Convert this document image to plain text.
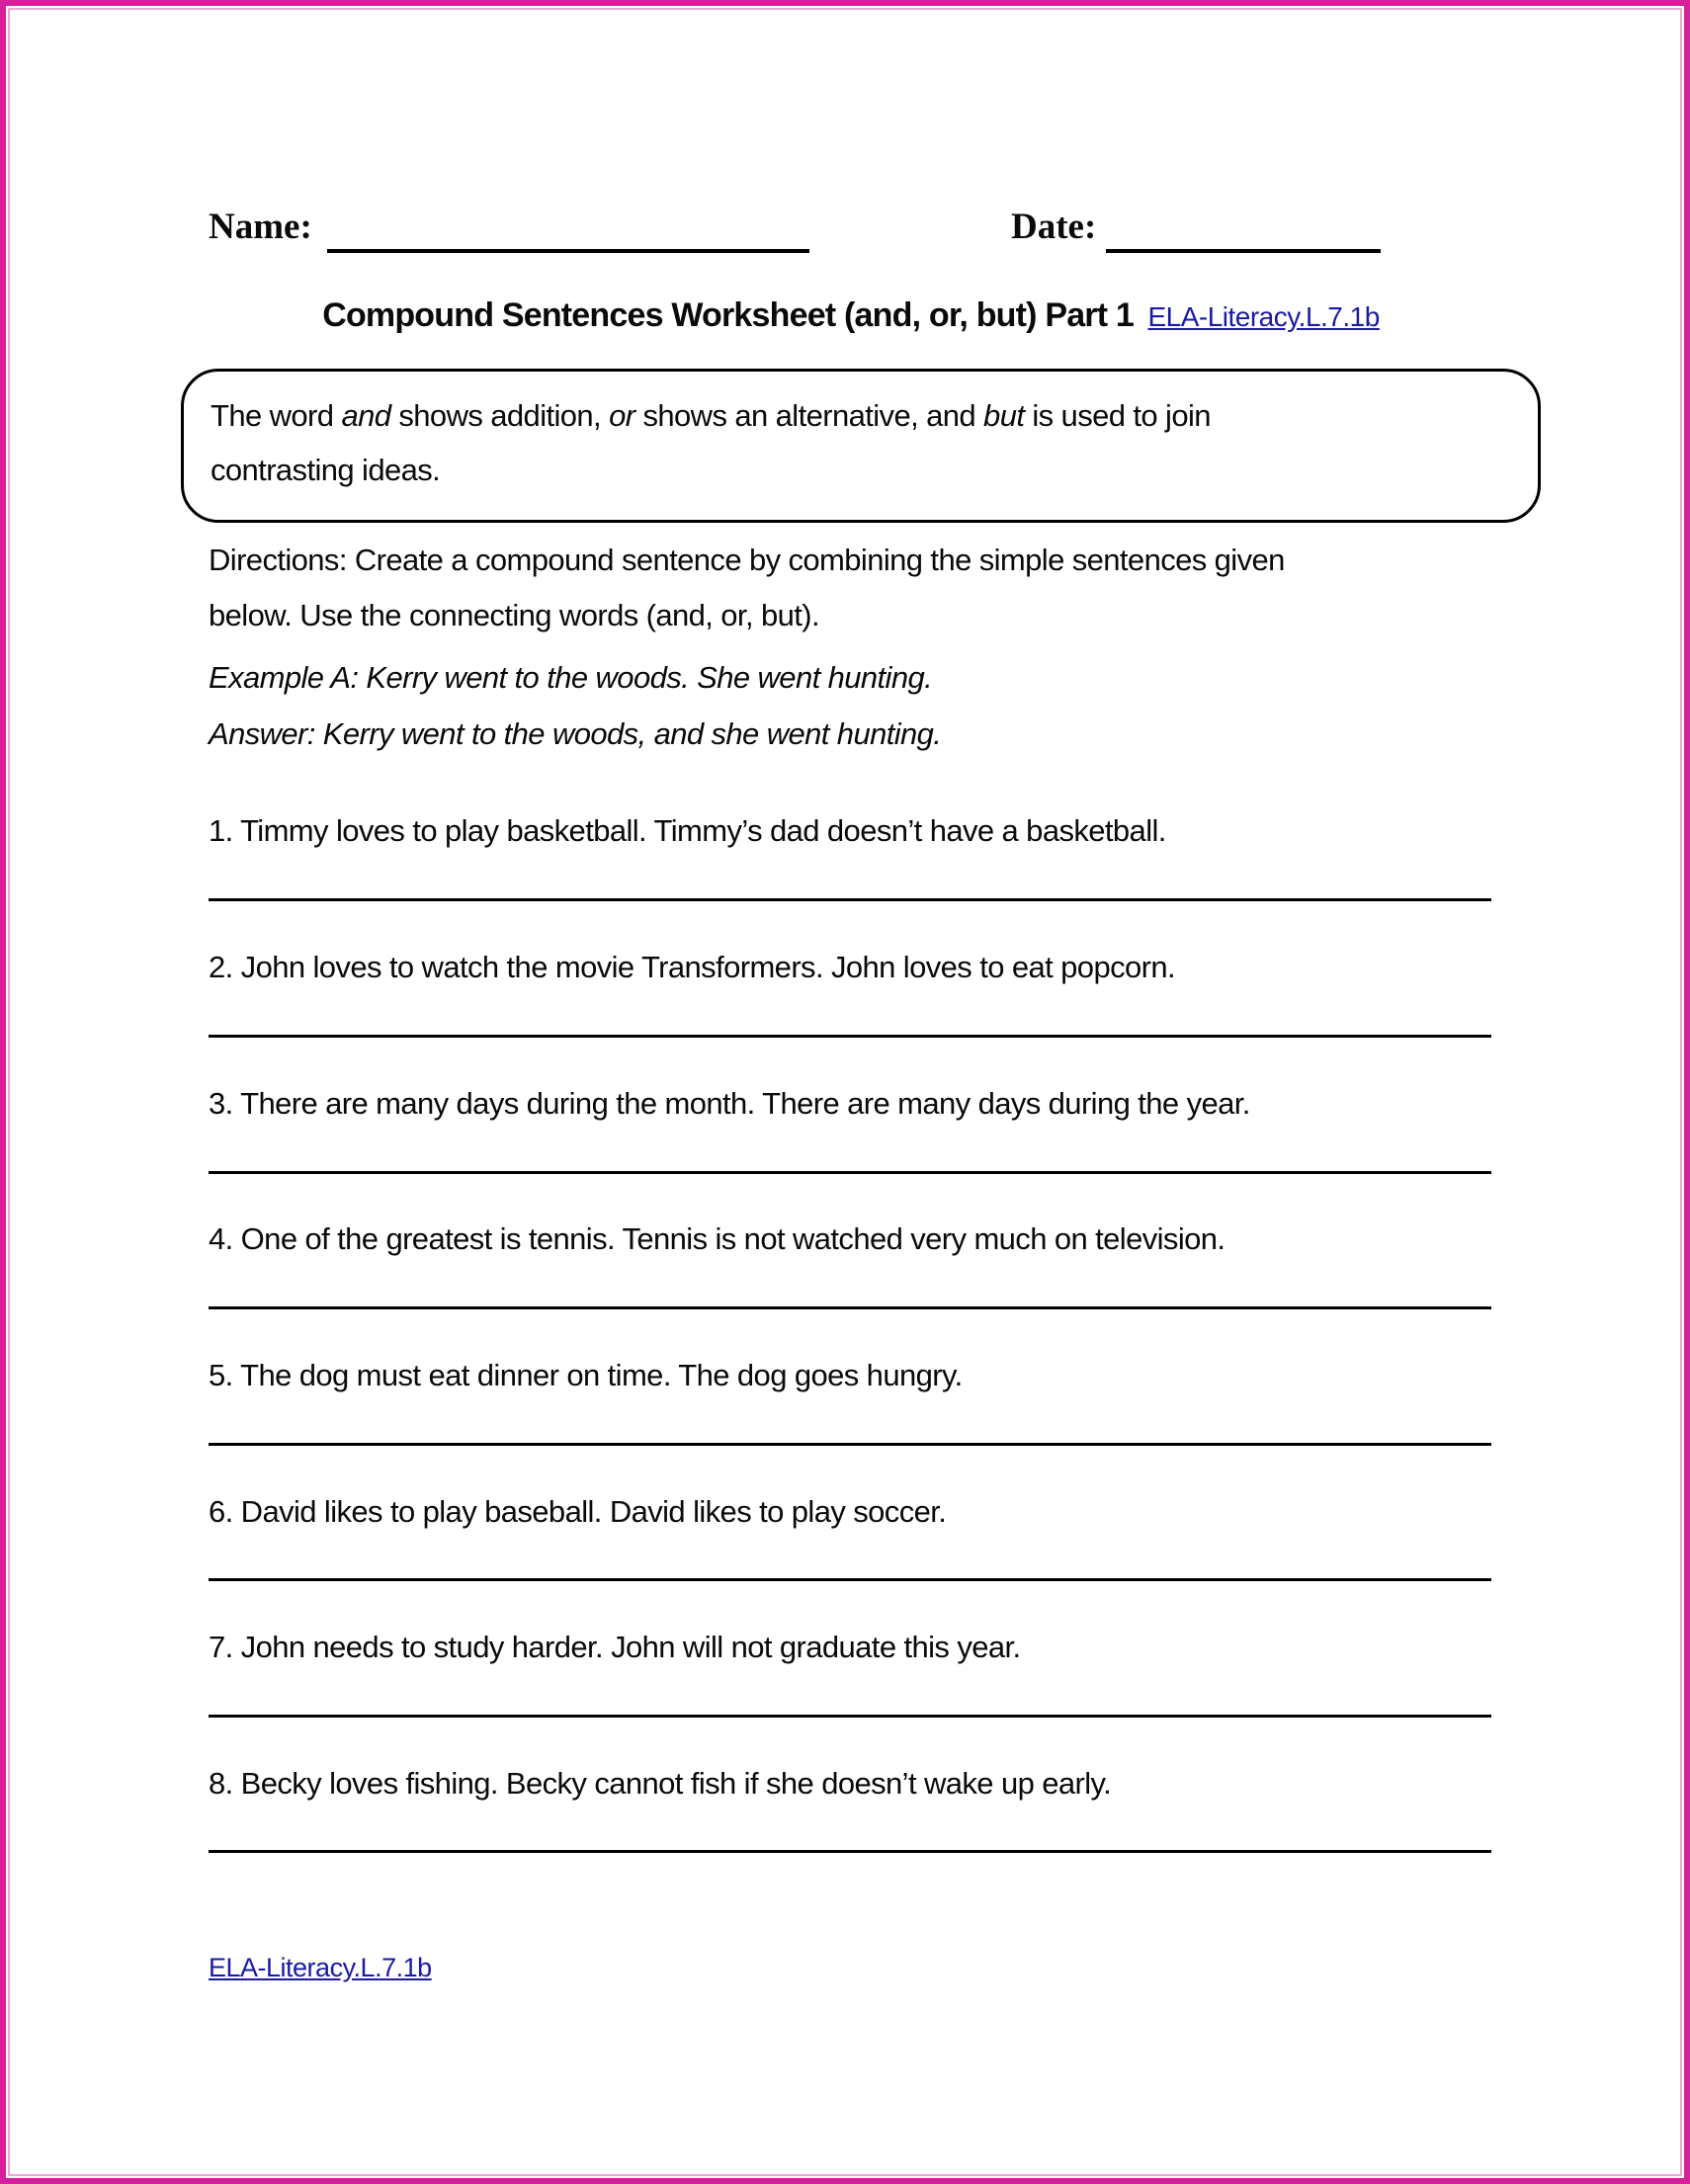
Name:	Date:
Compound Sentences Worksheet (and, or, but) Part 1 ELA-Literacy.L.7.1b
The word and shows addition, or shows an alternative, and but is used to join
contrasting ideas.
Directions: Create a compound sentence by combining the simple sentences given
below. Use the connecting words (and, or, but).
Example A: Kerry went to the woods. She went hunting.
Answer: Kerry went to the woods, and she went hunting.
1. Timmy loves to play basketball. Timmy’s dad doesn’t have a basketball.
2. John loves to watch the movie Transformers. John loves to eat popcorn.
3. There are many days during the month. There are many days during the year.
4. One of the greatest is tennis. Tennis is not watched very much on television.
5. The dog must eat dinner on time. The dog goes hungry.
6. David likes to play baseball. David likes to play soccer.
7. John needs to study harder. John will not graduate this year.
8. Becky loves fishing. Becky cannot fish if she doesn’t wake up early.
ELA-Literacy.L.7.1b
